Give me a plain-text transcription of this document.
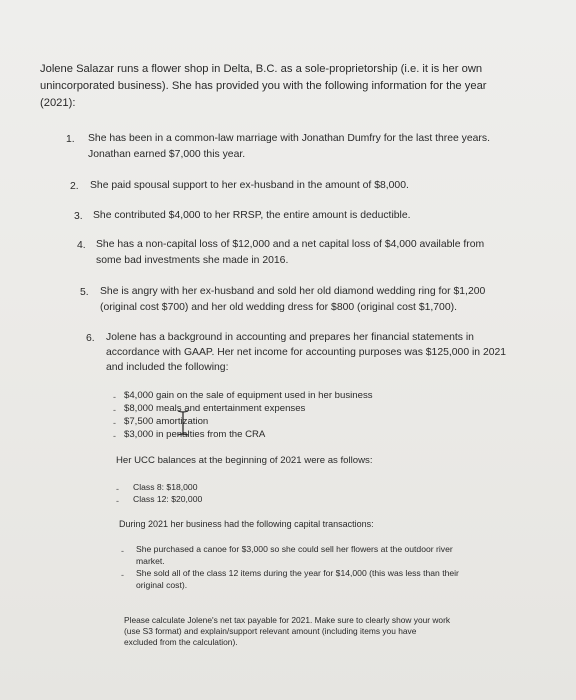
Jolene Salazar runs a flower shop in Delta, B.C. as a sole-proprietorship (i.e. it is her own
unincorporated business). She has provided you with the following information for the year
(2021):
1. She has been in a common-law marriage with Jonathan Dumfry for the last three years.
Jonathan earned $7,000 this year.
2. She paid spousal support to her ex-husband in the amount of $8,000.
3. She contributed $4,000 to her RRSP, the entire amount is deductible.
4. She has a non-capital loss of $12,000 and a net capital loss of $4,000 available from
some bad investments she made in 2016.
5. She is angry with her ex-husband and sold her old diamond wedding ring for $1,200
(original cost $700) and her old wedding dress for $800 (original cost $1,700).
6. Jolene has a background in accounting and prepares her financial statements in
accordance with GAAP. Her net income for accounting purposes was $125,000 in 2021
and included the following:
- $4,000 gain on the sale of equipment used in her business
- $8,000 meals and entertainment expenses
- $7,500 amortization
- $3,000 in penalties from the CRA
Her UCC balances at the beginning of 2021 were as follows:
- Class 8: $18,000
- Class 12: $20,000
During 2021 her business had the following capital transactions:
- She purchased a canoe for $3,000 so she could sell her flowers at the outdoor river
market.
- She sold all of the class 12 items during the year for $14,000 (this was less than their
original cost).
Please calculate Jolene's net tax payable for 2021. Make sure to clearly show your work
(use S3 format) and explain/support relevant amount (including items you have
excluded from the calculation).
